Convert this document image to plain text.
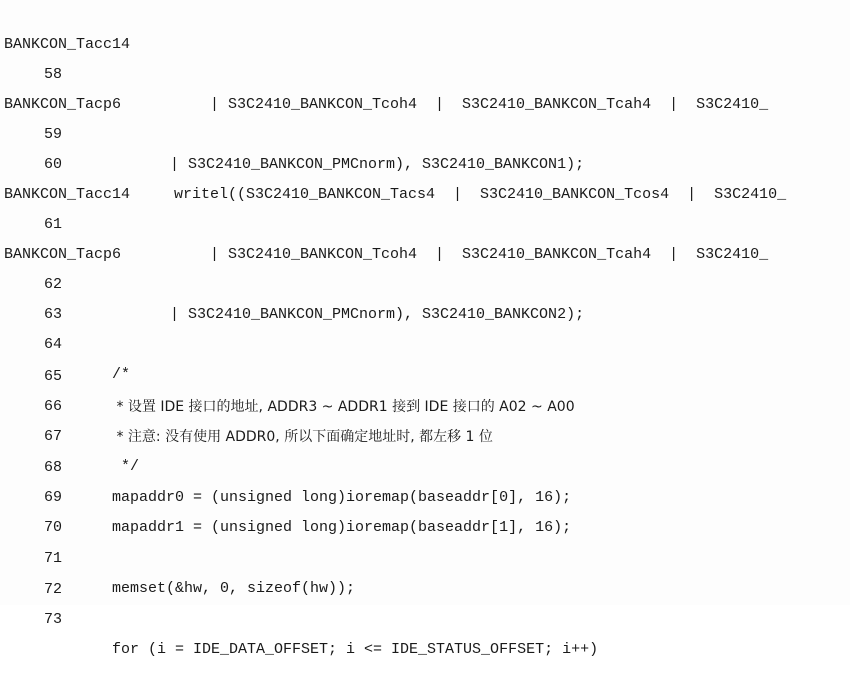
BANKCON_Tacc14

58

| S3C2410_BANKCON_Tcoh4  |  S3C2410_BANKCON_Tcah4  |  S3C2410_

BANKCON_Tacp6

59

| S3C2410_BANKCON_PMCnorm), S3C2410_BANKCON1);

60

writel((S3C2410_BANKCON_Tacs4  |  S3C2410_BANKCON_Tcos4  |  S3C2410_

BANKCON_Tacc14

61

| S3C2410_BANKCON_Tcoh4  |  S3C2410_BANKCON_Tcah4  |  S3C2410_

BANKCON_Tacp6

62

| S3C2410_BANKCON_PMCnorm), S3C2410_BANKCON2);

63

64

/*

65

* 设置 IDE 接口的地址, ADDR3 ~ ADDR1 接到 IDE 接口的 A02 ~ A00

66

* 注意: 没有使用 ADDR0, 所以下面确定地址时, 都左移 1 位

67

*/

68

mapaddr0 = (unsigned long)ioremap(baseaddr[0], 16);

69

mapaddr1 = (unsigned long)ioremap(baseaddr[1], 16);

70

71

memset(&hw, 0, sizeof(hw));

72

73

for (i = IDE_DATA_OFFSET; i <= IDE_STATUS_OFFSET; i++)
